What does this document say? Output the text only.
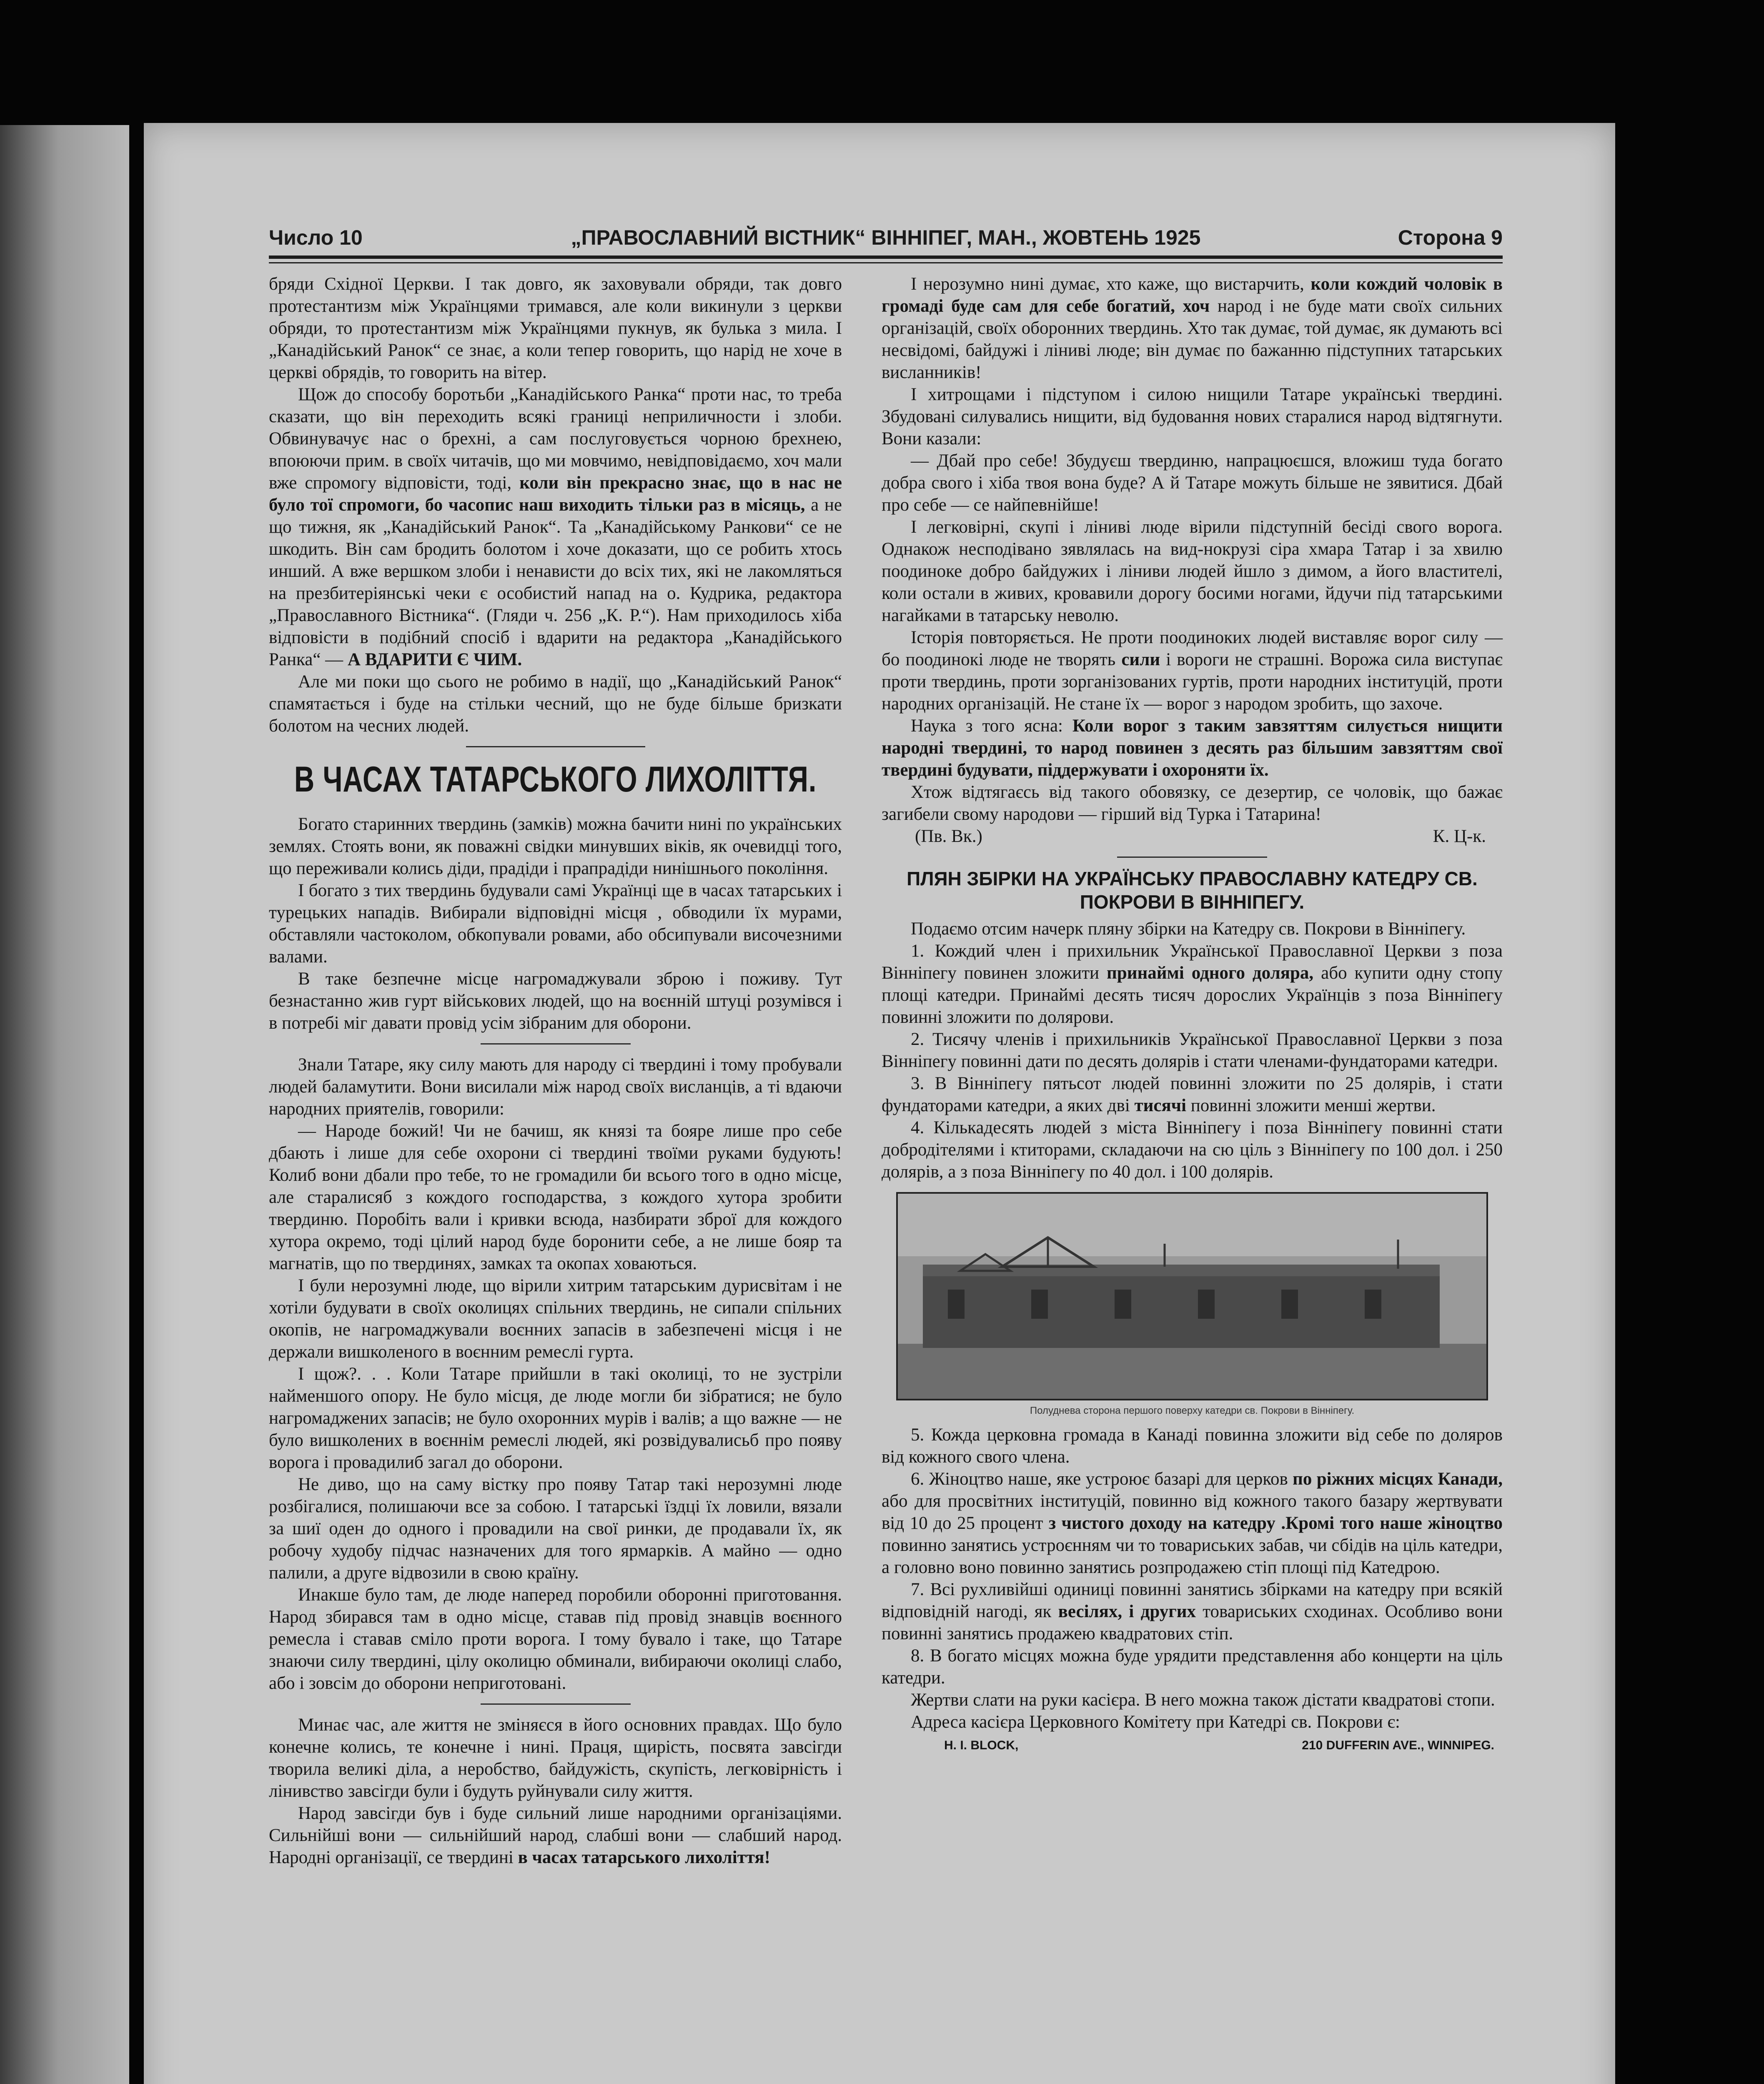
Число 10	„ПРАВОСЛАВНИЙ ВІСТНИК“ ВІННІПЕГ, МАН., ЖОВТЕНЬ 1925	Сторона 9

бряди Східної Церкви. І так довго, як заховували обряди, так довго протестантизм між Українцями тримався, але коли викинули з церкви обряди, то протестантизм між Українцями пукнув, як булька з мила. І „Канадійський Ранок“ се знає, а коли тепер говорить, що нарід не хоче в церкві обрядів, то говорить на вітер.

Щож до способу боротьби „Канадійського Ранка“ проти нас, то треба сказати, що він переходить всякі границі неприличности і злоби. Обвинувачує нас о брехні, а сам послуговується чорною брехнею, впоюючи прим. в своїх читачів, що ми мовчимо, невідповідаємо, хоч мали вже спромогу відповісти, тоді, коли він прекрасно знає, що в нас не було тої спромоги, бо часопис наш виходить тільки раз в місяць, а не що тижня, як „Канадійський Ранок“. Та „Канадійському Ранкови“ се не шкодить. Він сам бродить болотом і хоче доказати, що се робить хтось инший. А вже вершком злоби і ненависти до всіх тих, які не лакомляться на презбитеріянські чеки є особистий напад на о. Кудрика, редактора „Православного Вістника“. (Гляди ч. 256 „К. Р.“). Нам приходилось хіба відповісти в подібний спосіб і вдарити на редактора „Канадійського Ранка“ — А ВДАРИТИ Є ЧИМ.

Але ми поки що сього не робимо в надії, що „Канадійський Ранок“ спамятається і буде на стільки чесний, що не буде більше бризкати болотом на чесних людей.

В ЧАСАХ ТАТАРСЬКОГО ЛИХОЛІТТЯ.

Богато старинних твердинь (замків) можна бачити нині по українських землях. Стоять вони, як поважні свідки минувших віків, як очевидці того, що переживали колись діди, прадіди і прапрадіди нинішнього покоління.

І богато з тих твердинь будували самі Українці ще в часах татарських і турецьких нападів. Вибирали відповідні місця , обводили їх мурами, обставляли частоколом, обкопували ровами, або обсипували височезними валами.

В таке безпечне місце нагромаджували зброю і поживу. Тут безнастанно жив гурт військових людей, що на воєнній штуці розумівся і в потребі міг давати провід усім зібраним для оборони.

Знали Татаре, яку силу мають для народу сі твердині і тому пробували людей баламутити. Вони висилали між народ своїх висланців, а ті вдаючи народних приятелів, говорили:

— Народе божий! Чи не бачиш, як князі та бояре лише про себе дбають і лише для себе охорони сі твердині твоїми руками будують! Колиб вони дбали про тебе, то не громадили би всього того в одно місце, але старалисяб з кождого господарства, з кождого хутора зробити твердиню. Поробіть вали і кривки всюда, назбирати зброї для кождого хутора окремо, тоді цілий народ буде боронити себе, а не лише бояр та магнатів, що по твердинях, замках та окопах ховаються.

І були нерозумні люде, що вірили хитрим татарським дурисвітам і не хотіли будувати в своїх околицях спільних твердинь, не сипали спільних окопів, не нагромаджували воєнних запасів в забезпечені місця і не держали вишколеного в воєнним ремеслі гурта.

І щож?. . . Коли Татаре прийшли в такі околиці, то не зустріли найменшого опору. Не було місця, де люде могли би зібратися; не було нагромаджених запасів; не було охоронних мурів і валів; а що важне — не було вишколених в воєннім ремеслі людей, які розвідувалисьб про появу ворога і провадилиб загал до оборони.

Не диво, що на саму вістку про появу Татар такі нерозумні люде розбігалися, полишаючи все за собою. І татарські їздці їх ловили, вязали за шиї оден до одного і провадили на свої ринки, де продавали їх, як робочу худобу підчас назначених для того ярмарків. А майно — одно палили, а друге відвозили в свою країну.

Инакше було там, де люде наперед поробили оборонні приготовання. Народ збирався там в одно місце, ставав під провід знавців воєнного ремесла і ставав сміло проти ворога. І тому бувало і таке, що Татаре знаючи силу твердині, цілу околицю обминали, вибираючи околиці слабо, або і зовсім до оборони неприготовані.

Минає час, але життя не зміняєся в його основних правдах. Що було конечне колись, те конечне і нині. Праця, щирість, посвята завсігди творила великі діла, а неробство, байдужість, скупість, легковірність і лінивство завсігди були і будуть руйнували силу життя.

Народ завсігди був і буде сильний лише народними організаціями. Сильнійші вони — сильнійший народ, слабші вони — слабший народ. Народні організації, се твердині в часах татарського лихоліття!

І нерозумно нині думає, хто каже, що вистарчить, коли кождий чоловік в громаді буде сам для себе богатий, хоч народ і не буде мати своїх сильних організацій, своїх оборонних твердинь. Хто так думає, той думає, як думають всі несвідомі, байдужі і ліниві люде; він думає по бажанню підступних татарських висланників!

І хитрощами і підступом і силою нищили Татаре українські твердині. Збудовані силувались нищити, від будовання нових старалися народ відтягнути. Вони казали:

— Дбай про себе! Збудуєш твердиню, напрацюєшся, вложиш туда богато добра свого і хіба твоя вона буде? А й Татаре можуть більше не зявитися. Дбай про себе — се найпевнійше!

І легковірні, скупі і ліниві люде вірили підступній бесіді свого ворога. Однакож несподівано зявлялась на вид-нокрузі сіра хмара Татар і за хвилю поодиноке добро байдужих і ліниви людей йшло з димом, а його властителі, коли остали в живих, кровавили дорогу босими ногами, йдучи під татарськими нагайками в татарську неволю.

Історія повторяється. Не проти поодиноких людей виставляє ворог силу — бо поодинокі люде не творять сили і вороги не страшні. Ворожа сила виступає проти твердинь, проти зорганізованих гуртів, проти народних інституцій, проти народних організацій. Не стане їх — ворог з народом зробить, що захоче.

Наука з того ясна: Коли ворог з таким завзяттям силується нищити народні твердині, то народ повинен з десять раз більшим завзяттям свої твердині будувати, піддержувати і охороняти їх.

Хтож відтягаєсь від такого обовязку, се дезертир, се чоловік, що бажає загибели свому народови — гірший від Турка і Татарина!

(Пв. Вк.)	К. Ц-к.
ПЛЯН ЗБІРКИ НА УКРАЇНСЬКУ ПРАВОСЛАВНУ КАТЕДРУ СВ. ПОКРОВИ В ВІННІПЕГУ.

Подаємо отсим начерк пляну збірки на Катедру св. Покрови в Вінніпегу.

1. Кождий член і прихильник Української Православної Церкви з поза Вінніпегу повинен зложити принаймі одного доляра, або купити одну стопу площі катедри. Принаймі десять тисяч дорослих Українців з поза Вінніпегу повинні зложити по долярови.

2. Тисячу членів і прихильників Української Православної Церкви з поза Вінніпегу повинні дати по десять долярів і стати членами-фундаторами катедри.

3. В Вінніпегу пятьсот людей повинні зложити по 25 долярів, і стати фундаторами катедри, а яких дві тисячі повинні зложити менші жертви.

4. Кількадесять людей з міста Вінніпегу і поза Вінніпегу повинні стати добродітелями і ктиторами, складаючи на сю ціль з Вінніпегу по 100 дол. і 250 долярів, а з поза Вінніпегу по 40 дол. і 100 долярів.

Полуднева сторона першого поверху катедри св. Покрови в Вінніпегу.

5. Кожда церковна громада в Канаді повинна зложити від себе по доляров від кожного свого члена.

6. Жіноцтво наше, яке устроює базарі для церков по ріжних місцях Канади, або для просвітних інституцій, повинно від кожного такого базару жертвувати від 10 до 25 процент з чистого доходу на катедру .Кромі того наше жіноцтво повинно занятись устроєнням чи то товариських забав, чи сбідів на ціль катедри, а головно воно повинно занятись розпродажею стіп площі під Катедрою.

7. Всі рухливійші одиниці повинні занятись збірками на катедру при всякій відповідній нагоді, як весілях, і других товариських сходинах. Особливо вони повинні занятись продажею квадратових стіп.

8. В богато місцях можна буде урядити представлення або концерти на ціль катедри.

Жертви слати на руки касієра. В него можна також дістати квадратові стопи.

Адреса касієра Церковного Комітету при Катедрі св. Покрови є:

H. I. BLOCK,	210 DUFFERIN AVE., WINNIPEG.
